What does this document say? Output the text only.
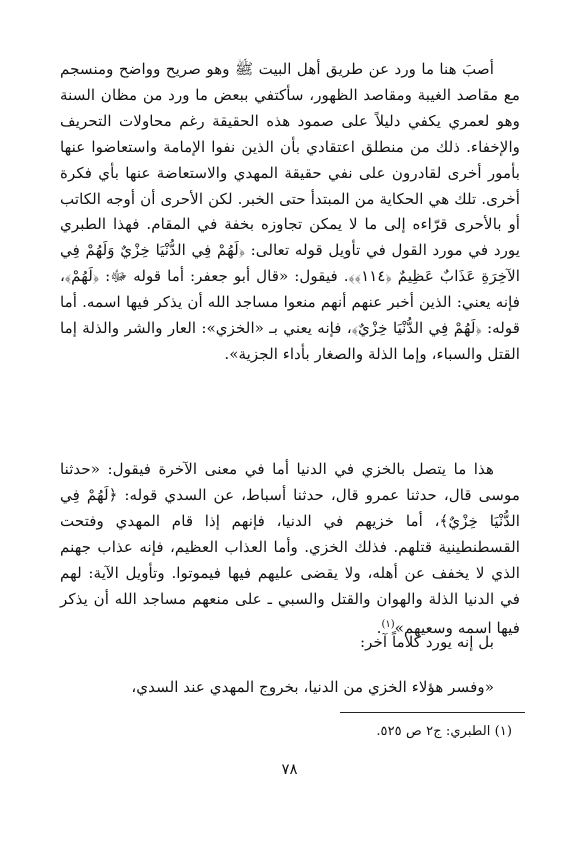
أصبَ هنا ما ورد عن طريق أهل البيت ﷺ وهو صريح وواضح ومنسجم مع مقاصد الغيبة ومقاصد الظهور، سأكتفي ببعض ما ورد من مظان السنة وهو لعمري يكفي دليلاً على صمود هذه الحقيقة رغم محاولات التحريف والإخفاء. ذلك من منطلق اعتقادي بأن الذين نفوا الإمامة واستعاضوا عنها بأمور أخرى لقادرون على نفي حقيقة المهدي والاستعاضة عنها بأي فكرة أخرى. تلك هي الحكاية من المبتدأ حتى الخبر. لكن الأحرى أن أوجه الكاتب أو بالأحرى قرّاءه إلى ما لا يمكن تجاوزه بخفة في المقام. فهذا الطبري يورد في مورد القول في تأويل قوله تعالى: ﴿لَهُمْ فِي الدُّنْيَا خِزْيٌ وَلَهُمْ فِي الآخِرَةِ عَذَابٌ عَظِيمٌ ﴿١١٤﴾﴾. فيقول: «قال أبو جعفر: أما قوله ﷻ: ﴿لَهُمْ﴾، فإنه يعني: الذين أخبر عنهم أنهم منعوا مساجد الله أن يذكر فيها اسمه. أما قوله: ﴿لَهُمْ فِي الدُّنْيَا خِزْيٌ﴾، فإنه يعني بـ «الخزي»: العار والشر والذلة إما القتل والسباء، وإما الذلة والصغار بأداء الجزية».

هذا ما يتصل بالخزي في الدنيا أما في معنى الآخرة فيقول: «حدثنا موسى قال، حدثنا عمرو قال، حدثنا أسباط، عن السدي قوله: ﴿لَهُمْ فِي الدُّنْيَا خِزْيٌ﴾، أما خزيهم في الدنيا، فإنهم إذا قام المهدي وفتحت القسطنطينية قتلهم. فذلك الخزي. وأما العذاب العظيم، فإنه عذاب جهنم الذي لا يخفف عن أهله، ولا يقضى عليهم فيها فيموتوا. وتأويل الآية: لهم في الدنيا الذلة والهوان والقتل والسبي ـ على منعهم مساجد الله أن يذكر فيها اسمه وسعيهم»$^{(١)}$.

بل إنه يورد كلاماً آخر:

«وفسر هؤلاء الخزي من الدنيا، بخروج المهدي عند السدي،

(١) الطبري: ج٢ ص ٥٢٥.
٧٨
